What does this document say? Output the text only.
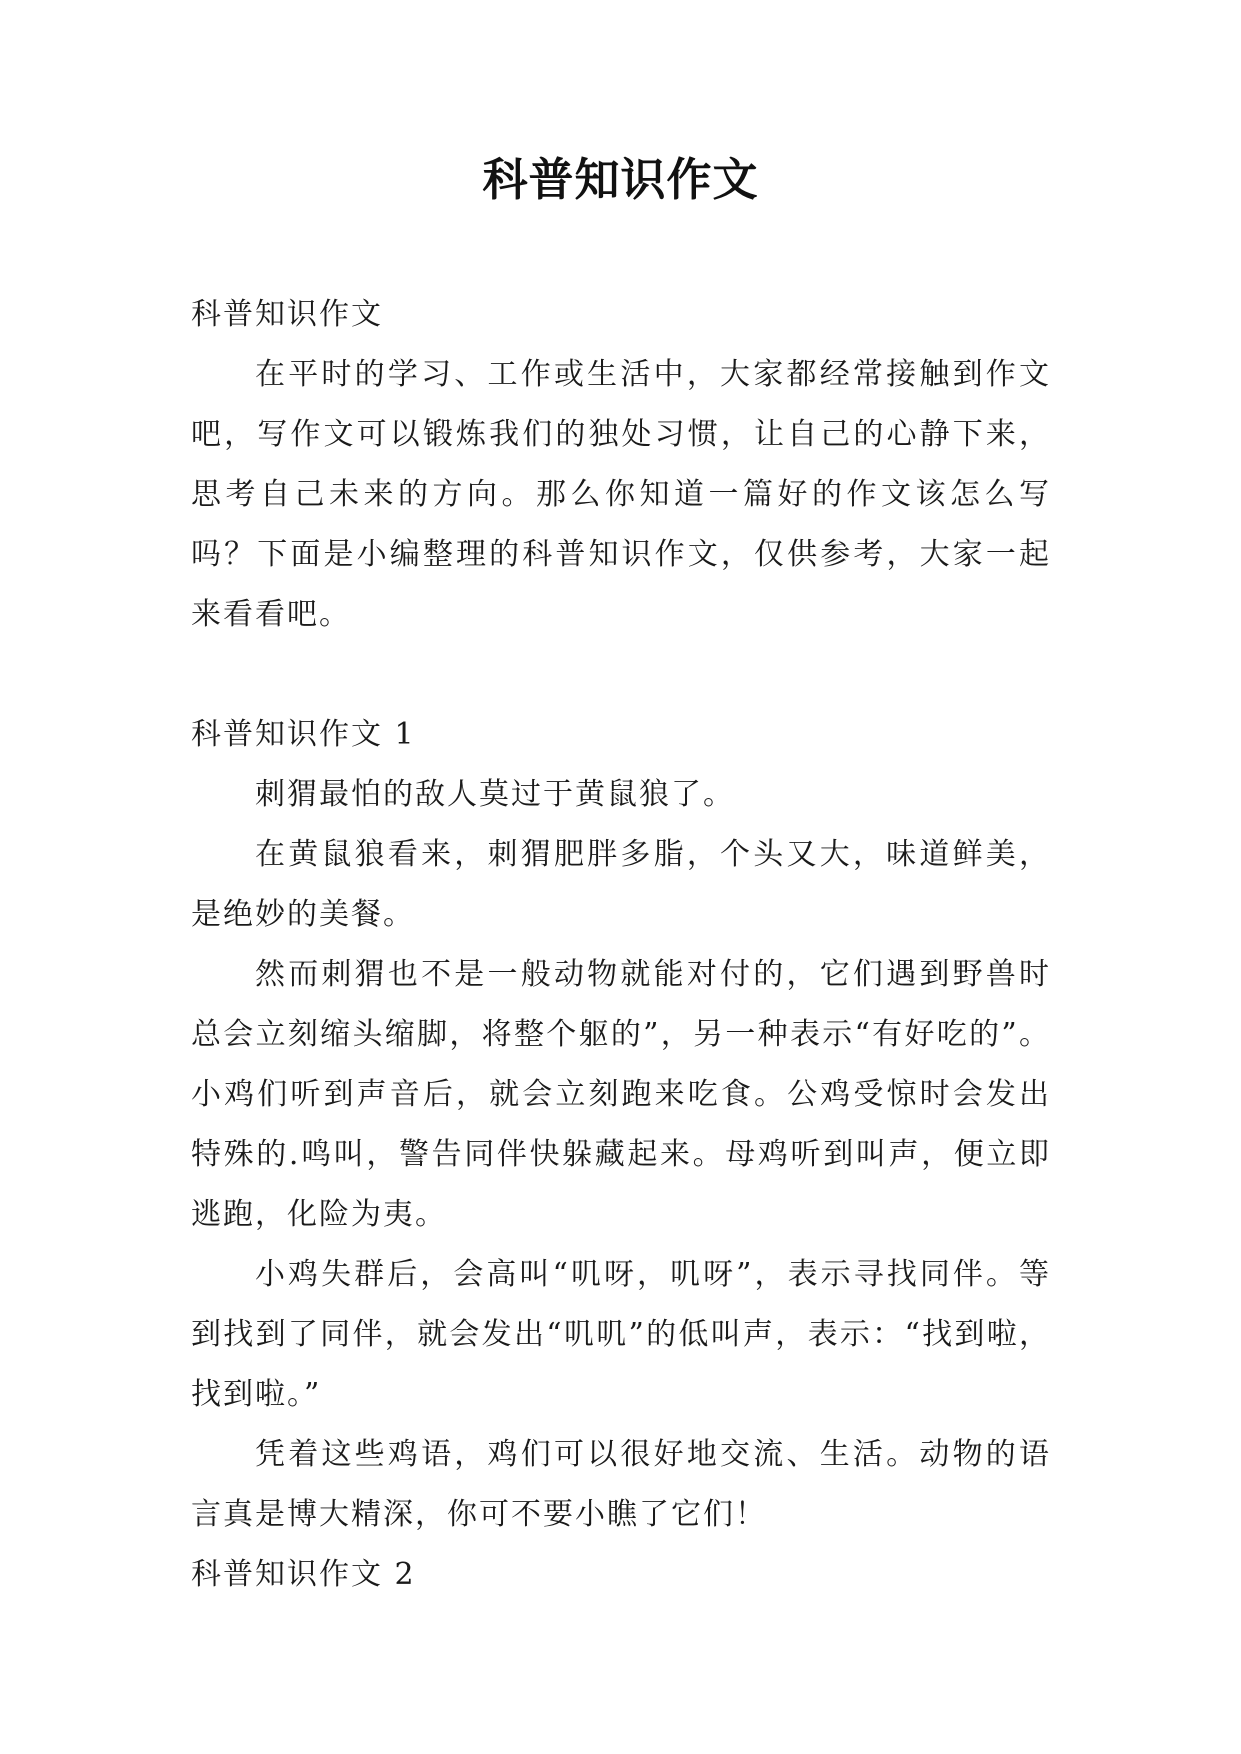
科普知识作文

科普知识作文

在平时的学习、工作或生活中，大家都经常接触到作文吧，写作文可以锻炼我们的独处习惯，让自己的心静下来，思考自己未来的方向。那么你知道一篇好的作文该怎么写吗？下面是小编整理的科普知识作文，仅供参考，大家一起来看看吧。

科普知识作文 1

刺猬最怕的敌人莫过于黄鼠狼了。

在黄鼠狼看来，刺猬肥胖多脂，个头又大，味道鲜美，是绝妙的美餐。

然而刺猬也不是一般动物就能对付的，它们遇到野兽时总会立刻缩头缩脚，将整个躯的”，另一种表示“有好吃的”。小鸡们听到声音后，就会立刻跑来吃食。公鸡受惊时会发出特殊的.鸣叫，警告同伴快躲藏起来。母鸡听到叫声，便立即逃跑，化险为夷。

小鸡失群后，会高叫“叽呀，叽呀”，表示寻找同伴。等到找到了同伴，就会发出“叽叽”的低叫声，表示：“找到啦，找到啦。”

凭着这些鸡语，鸡们可以很好地交流、生活。动物的语言真是博大精深，你可不要小瞧了它们！

科普知识作文 2
